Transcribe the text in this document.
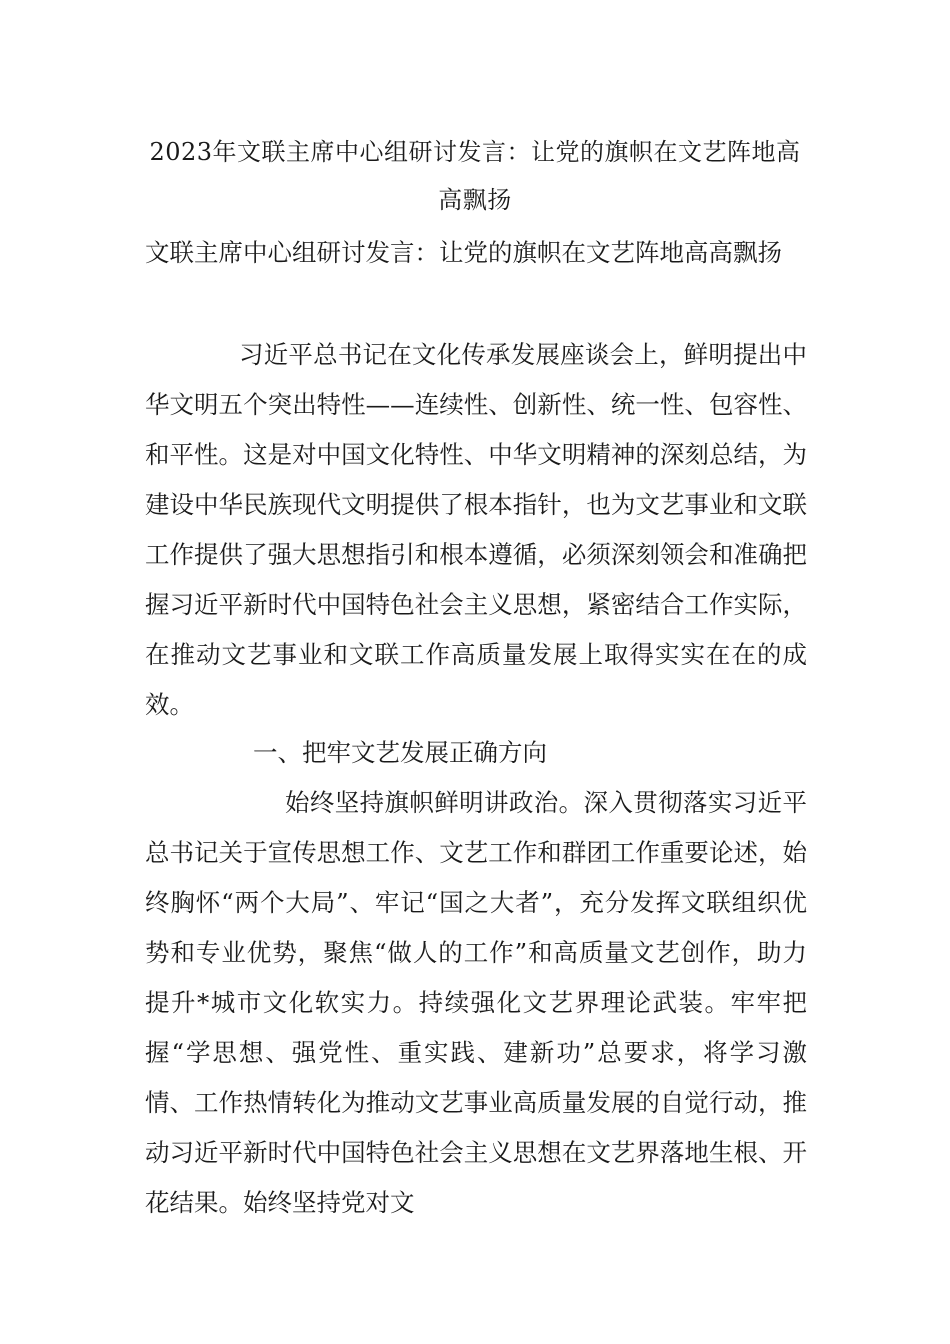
2023年文联主席中心组研讨发言：让党的旗帜在文艺阵地高高飘扬
文联主席中心组研讨发言：让党的旗帜在文艺阵地高高飘扬
习近平总书记在文化传承发展座谈会上，鲜明提出中华文明五个突出特性——连续性、创新性、统一性、包容性、和平性。这是对中国文化特性、中华文明精神的深刻总结，为建设中华民族现代文明提供了根本指针，也为文艺事业和文联工作提供了强大思想指引和根本遵循，必须深刻领会和准确把握习近平新时代中国特色社会主义思想，紧密结合工作实际，在推动文艺事业和文联工作高质量发展上取得实实在在的成效。
一、把牢文艺发展正确方向
始终坚持旗帜鲜明讲政治。深入贯彻落实习近平总书记关于宣传思想工作、文艺工作和群团工作重要论述，始终胸怀“两个大局”、牢记“国之大者”，充分发挥文联组织优势和专业优势，聚焦“做人的工作”和高质量文艺创作，助力提升*城市文化软实力。持续强化文艺界理论武装。牢牢把握“学思想、强党性、重实践、建新功”总要求，将学习激情、工作热情转化为推动文艺事业高质量发展的自觉行动，推动习近平新时代中国特色社会主义思想在文艺界落地生根、开花结果。始终坚持党对文
